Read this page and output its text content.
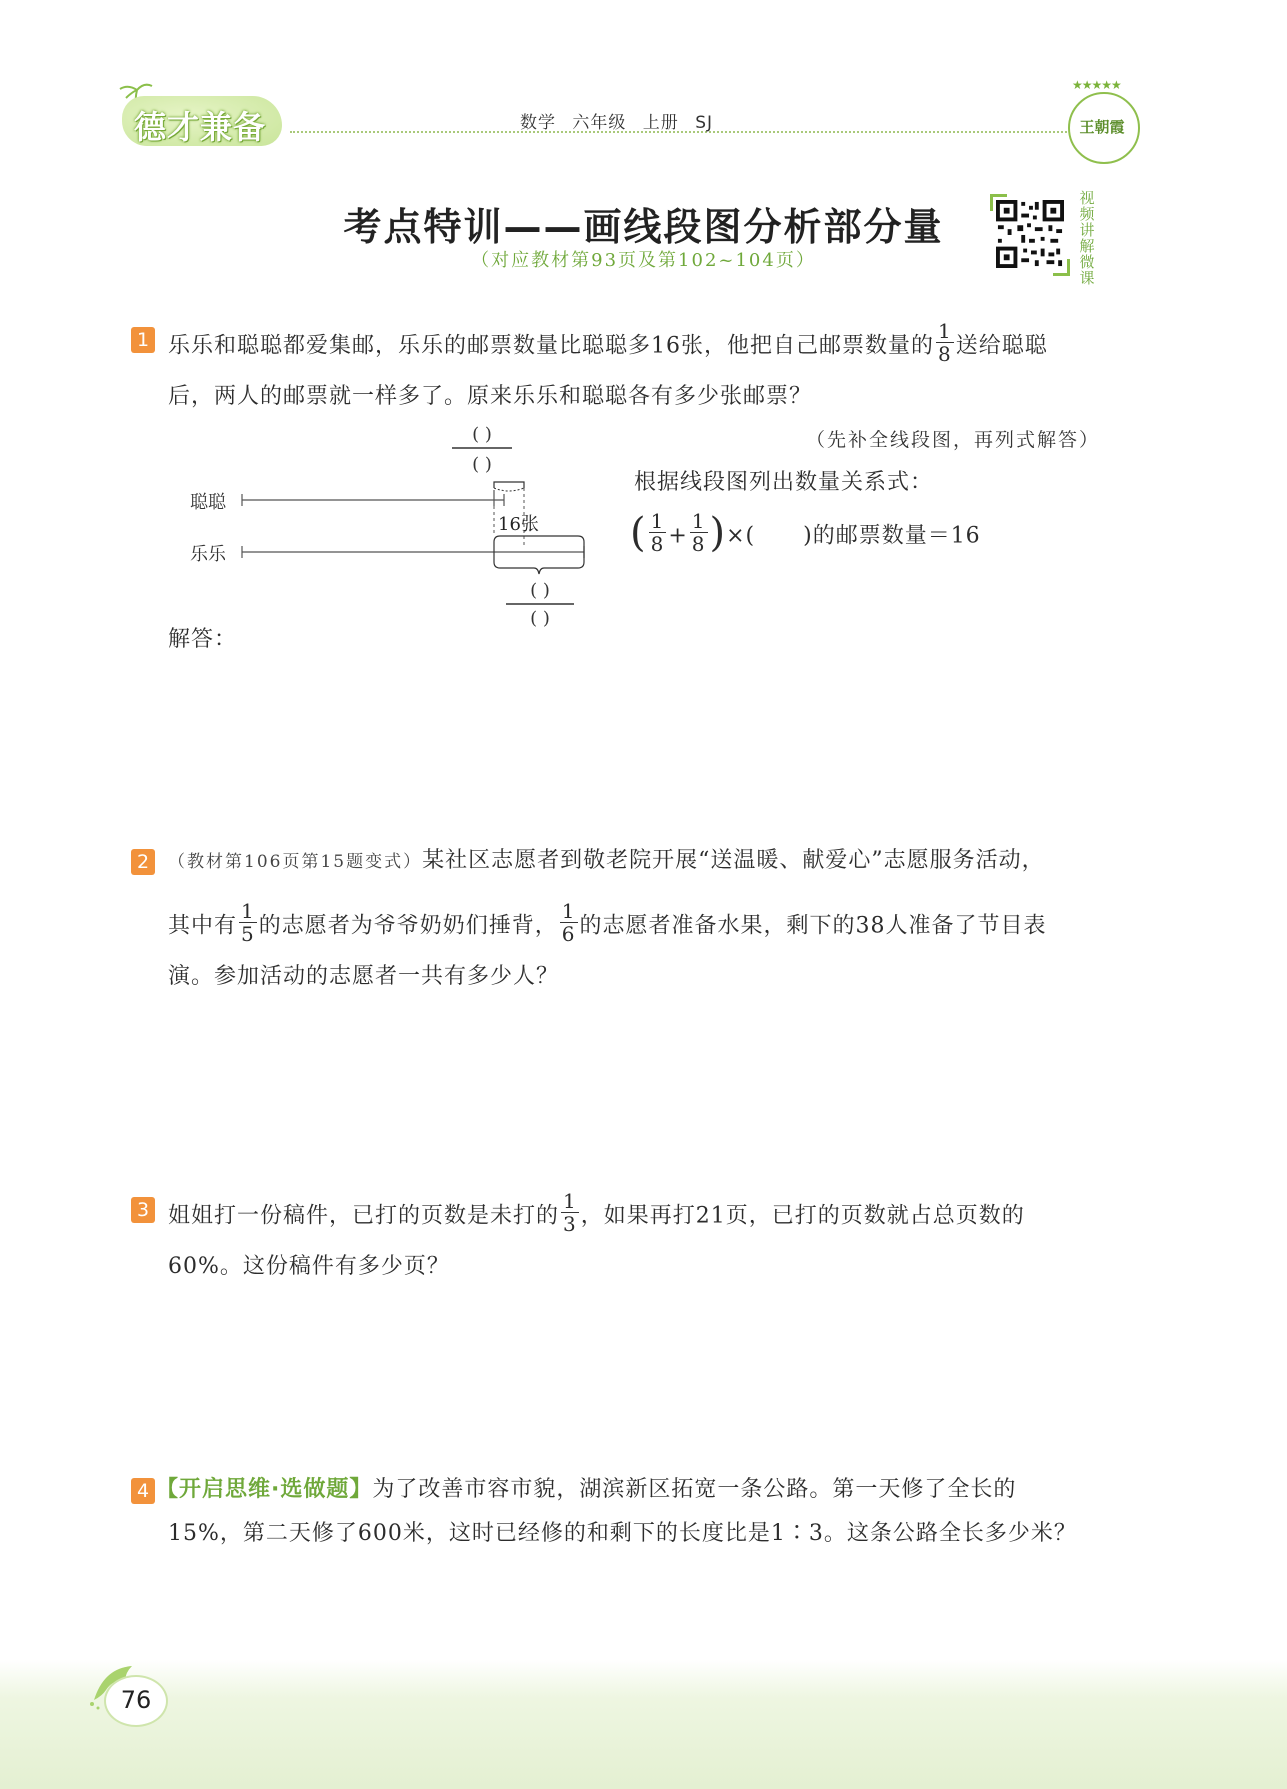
德才兼备	数学 六年级 上册 SJ
★★★★★
王朝霞
考点特训——画线段图分析部分量
（对应教材第93页及第102~104页）
视频讲解微课
1 乐乐和聪聪都爱集邮，乐乐的邮票数量比聪聪多16张，他把自己邮票数量的 $\frac{1}{8}$ 送给聪聪
后，两人的邮票就一样多了。原来乐乐和聪聪各有多少张邮票？
（先补全线段图，再列式解答）
( )
( )
16张
( )
( )
聪聪
乐乐
根据线段图列出数量关系式：
( $\frac{1}{8} + \frac{1}{8}$ )×(      )的邮票数量＝16
解答：
2	（教材第106页第15题变式）某社区志愿者到敬老院开展“送温暖、献爱心”志愿服务活动，
其中有 $\frac{1}{5}$ 的志愿者为爷爷奶奶们捶背， $\frac{1}{6}$ 的志愿者准备水果，剩下的38人准备了节目表
演。参加活动的志愿者一共有多少人？
3 姐姐打一份稿件，已打的页数是未打的 $\frac{1}{3}$ ，如果再打21页，已打的页数就占总页数的
60%。这份稿件有多少页？
4 【开启思维·选做题】为了改善市容市貌，湖滨新区拓宽一条公路。第一天修了全长的
15%，第二天修了600米，这时已经修的和剩下的长度比是1∶3。这条公路全长多少米？
76
